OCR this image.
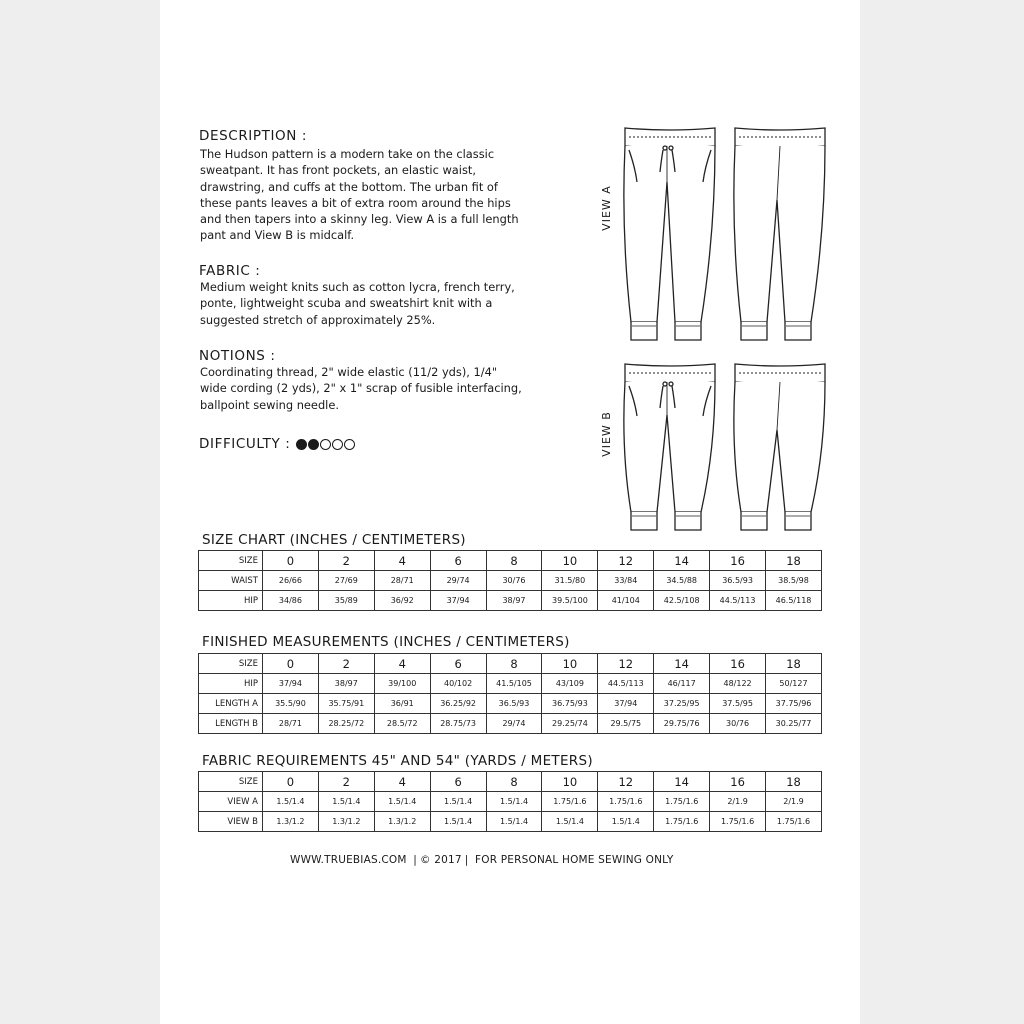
DESCRIPTION :
The Hudson pattern is a modern take on the classic
sweatpant. It has front pockets, an elastic waist,
drawstring, and cuffs at the bottom. The urban fit of
these pants leaves a bit of extra room around the hips
and then tapers into a skinny leg. View A is a full length
pant and View B is midcalf.
FABRIC :
Medium weight knits such as cotton lycra, french terry,
ponte, lightweight scuba and sweatshirt knit with a
suggested stretch of approximately 25%.
NOTIONS :
Coordinating thread, 2" wide elastic (11/2 yds), 1/4"
wide cording (2 yds), 2" x 1" scrap of fusible interfacing,
ballpoint sewing needle.
DIFFICULTY :
VIEW A
VIEW B
SIZE CHART (INCHES / CENTIMETERS)
SIZE	0	2	4	6	8	10	12	14	16	18
WAIST	26/66	27/69	28/71	29/74	30/76	31.5/80	33/84	34.5/88	36.5/93	38.5/98
HIP	34/86	35/89	36/92	37/94	38/97	39.5/100	41/104	42.5/108	44.5/113	46.5/118
FINISHED MEASUREMENTS (INCHES / CENTIMETERS)
SIZE	0	2	4	6	8	10	12	14	16	18
HIP	37/94	38/97	39/100	40/102	41.5/105	43/109	44.5/113	46/117	48/122	50/127
LENGTH A	35.5/90	35.75/91	36/91	36.25/92	36.5/93	36.75/93	37/94	37.25/95	37.5/95	37.75/96
LENGTH B	28/71	28.25/72	28.5/72	28.75/73	29/74	29.25/74	29.5/75	29.75/76	30/76	30.25/77
FABRIC REQUIREMENTS 45" AND 54" (YARDS / METERS)
SIZE	0	2	4	6	8	10	12	14	16	18
VIEW A	1.5/1.4	1.5/1.4	1.5/1.4	1.5/1.4	1.5/1.4	1.75/1.6	1.75/1.6	1.75/1.6	2/1.9	2/1.9
VIEW B	1.3/1.2	1.3/1.2	1.3/1.2	1.5/1.4	1.5/1.4	1.5/1.4	1.5/1.4	1.75/1.6	1.75/1.6	1.75/1.6
WWW.TRUEBIAS.COM | © 2017 | FOR PERSONAL HOME SEWING ONLY
